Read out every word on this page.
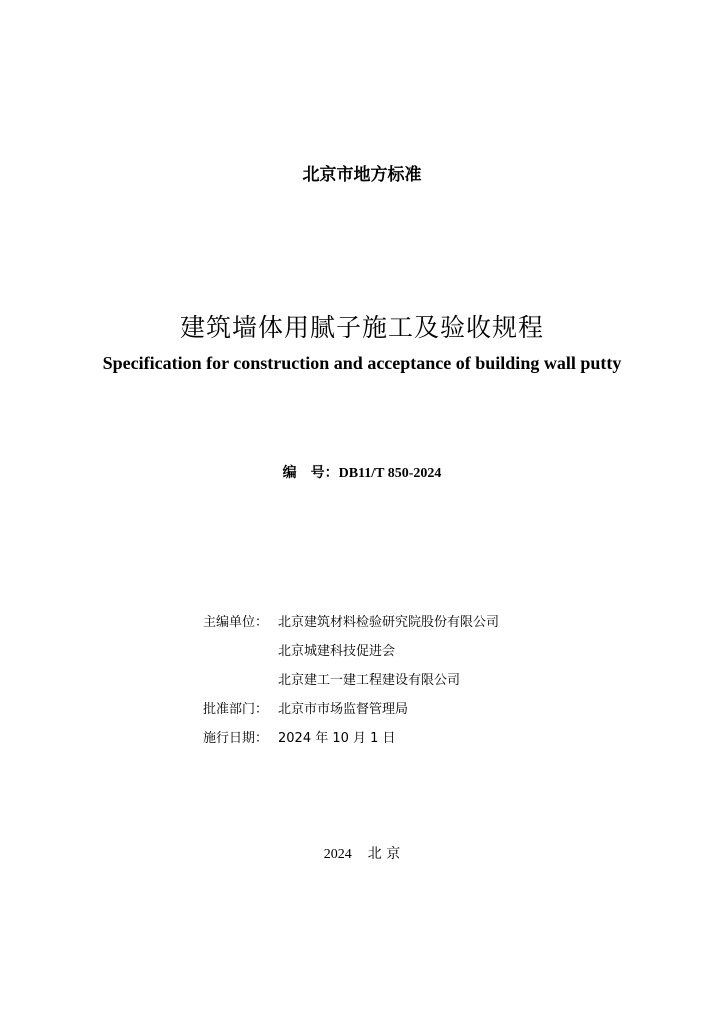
北京市地方标准
建筑墙体用腻子施工及验收规程
Specification for construction and acceptance of building wall putty
编　号：DB11/T 850-2024
主编单位： 北京建筑材料检验研究院股份有限公司
北京城建科技促进会
北京建工一建工程建设有限公司
批准部门： 北京市市场监督管理局
施行日期： 2024 年 10 月 1 日
2024 北 京
